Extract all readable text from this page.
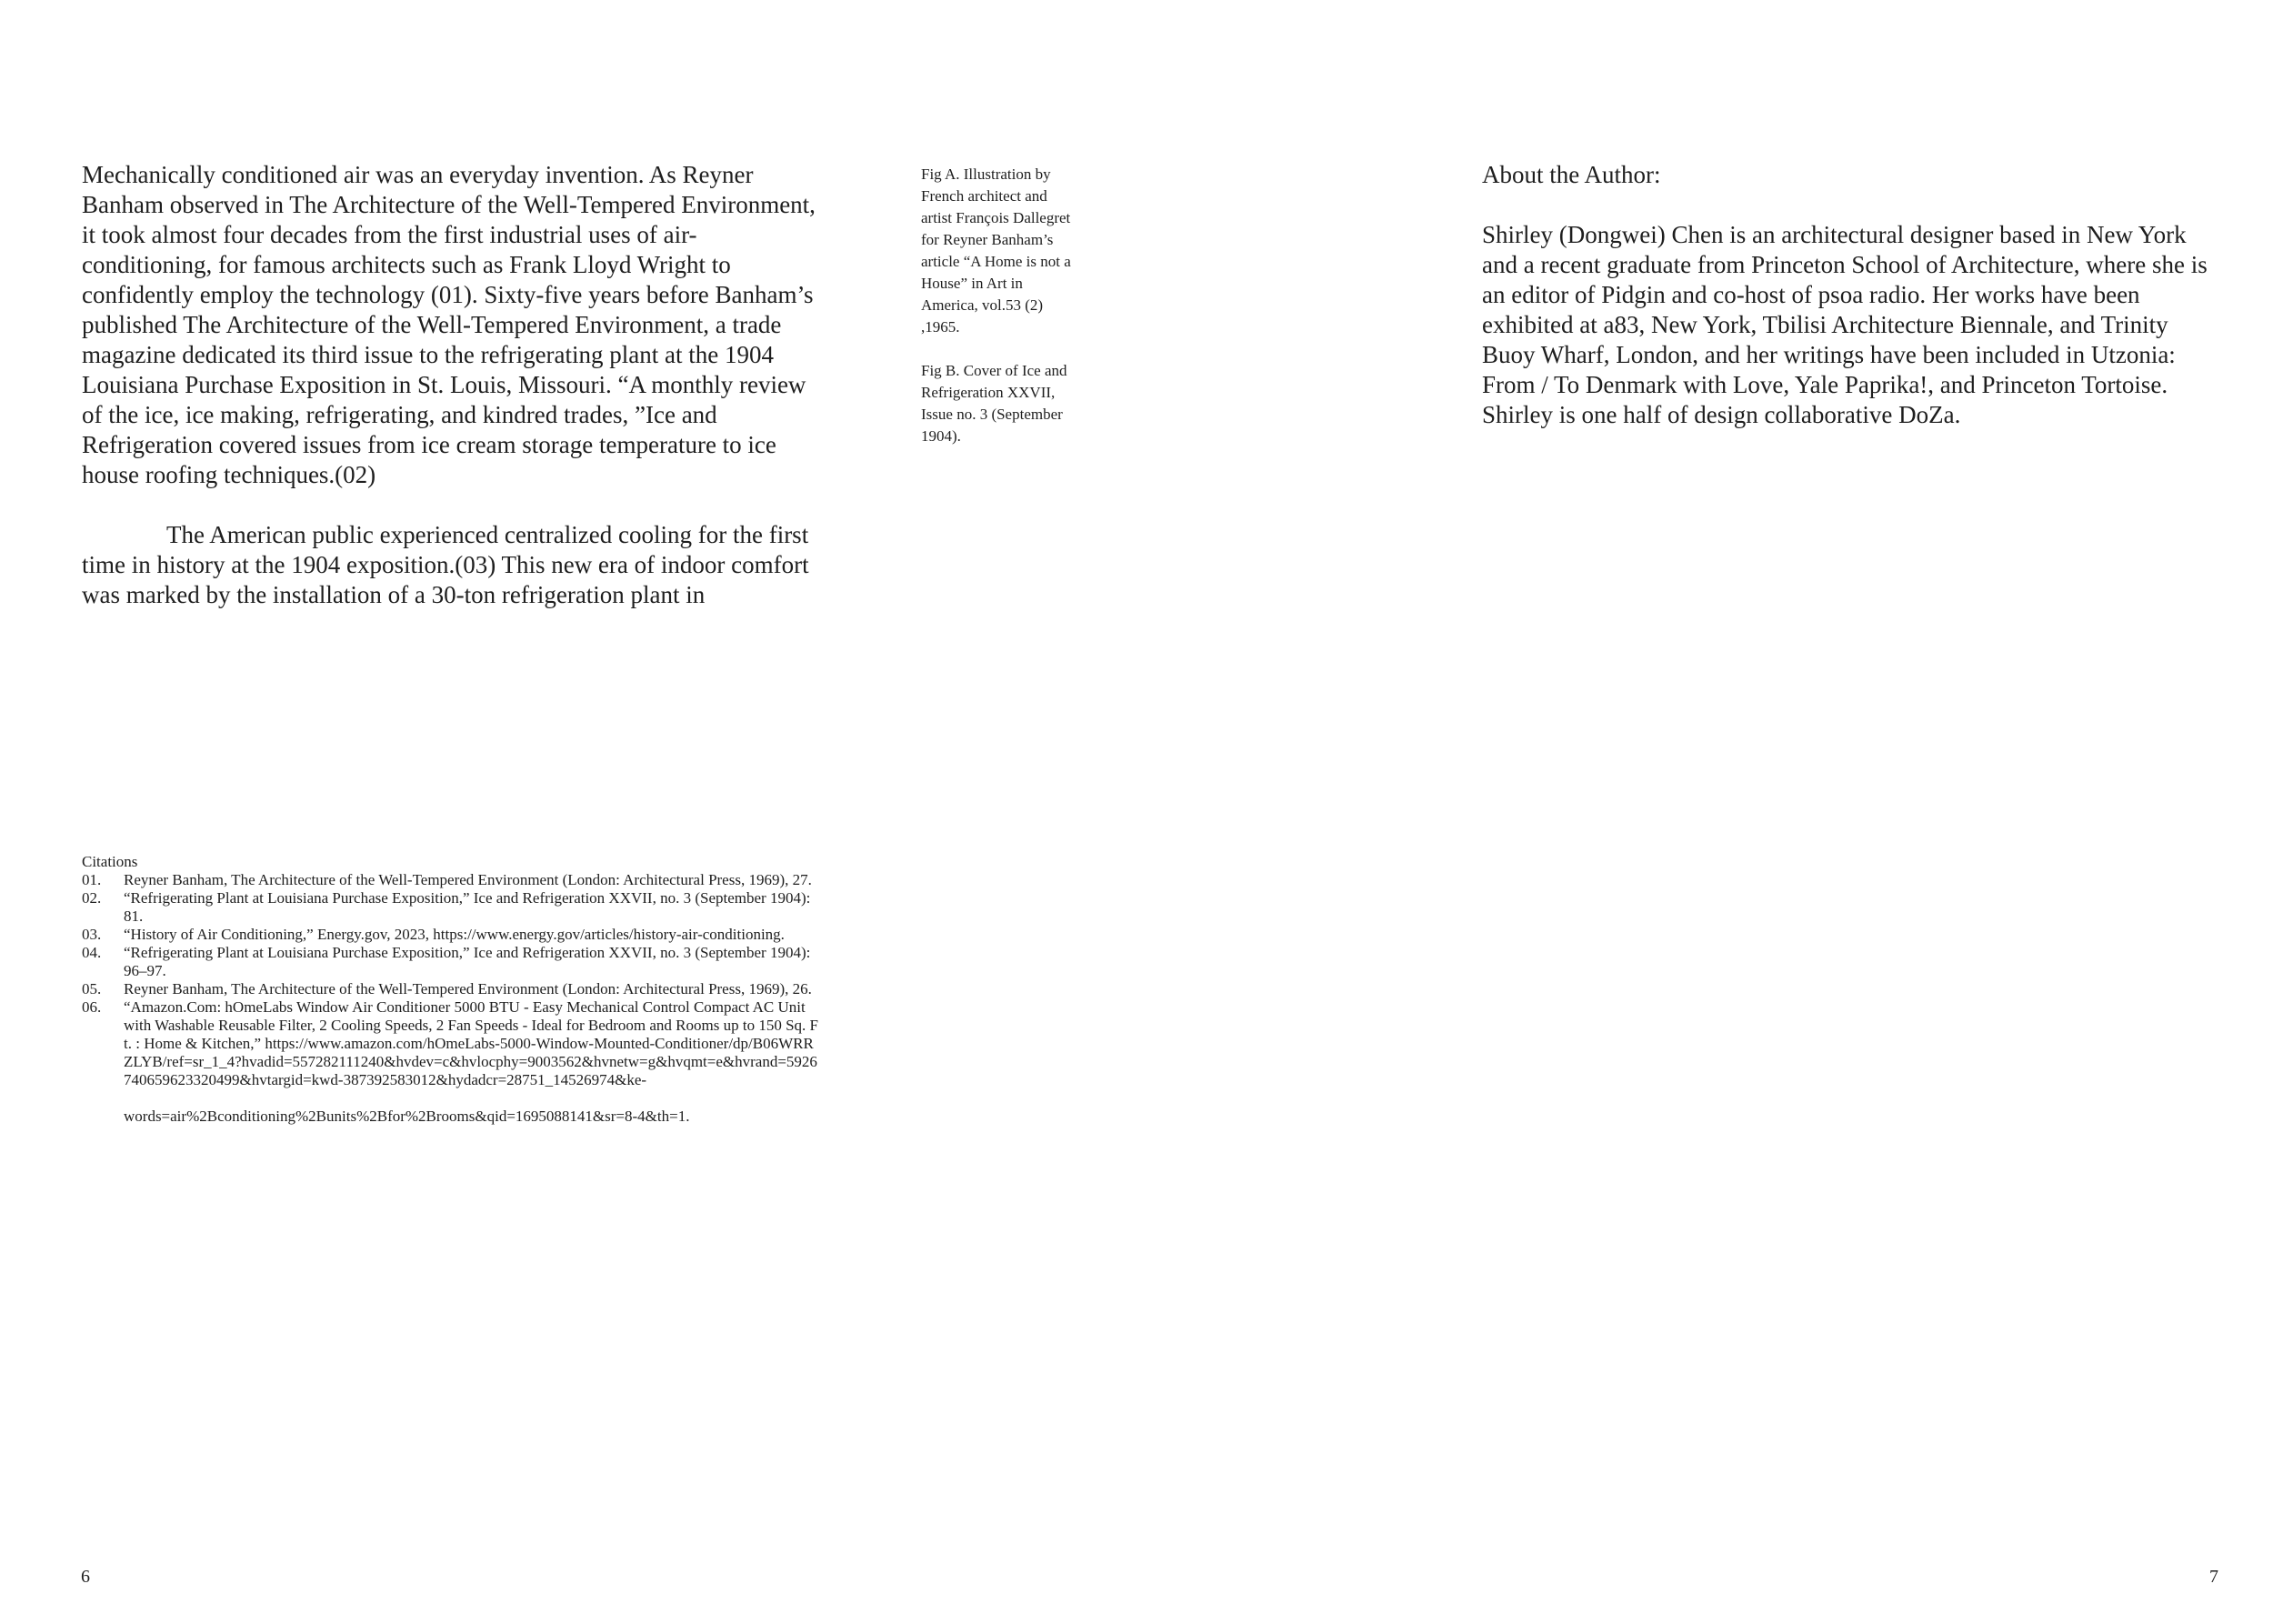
Mechanically conditioned air was an everyday invention. As Reyner Banham observed in The Architecture of the Well-Tempered Environment, it took almost four decades from the first industrial uses of air-conditioning, for famous architects such as Frank Lloyd Wright to confidently employ the technology (01). Sixty-five years before Banham’s published The Architecture of the Well-Tempered Environment, a trade magazine dedicated its third issue to the refrigerating plant at the 1904 Louisiana Purchase Exposition in St. Louis, Missouri. “A monthly review of the ice, ice making, refrigerating, and kindred trades, ”Ice and Refrigeration covered issues from ice cream storage temperature to ice house roofing techniques.(02)

The American public experienced centralized cooling for the first time in history at the 1904 exposition.(03) This new era of indoor comfort was marked by the installation of a 30-ton refrigeration plant in

Fig A. Illustration by French architect and artist François Dallegret for Reyner Banham’s article “A Home is not a House” in Art in America, vol.53 (2) ,1965.

Fig B. Cover of Ice and Refrigeration XXVII, Issue no. 3 (September 1904).

Citations

01.	Reyner Banham, The Architecture of the Well-Tempered Environment (London: Architectural Press, 1969), 27.
02.	“Refrigerating Plant at Louisiana Purchase Exposition,” Ice and Refrigeration XXVII, no. 3 (September 1904): 81.
03.	“History of Air Conditioning,” Energy.gov, 2023, https://www.energy.gov/articles/history-air-conditioning.
04.	“Refrigerating Plant at Louisiana Purchase Exposition,” Ice and Refrigeration XXVII, no. 3 (September 1904): 96–97.
05.	Reyner Banham, The Architecture of the Well-Tempered Environment (London: Architectural Press, 1969), 26.
06.	“Amazon.Com: hOmeLabs Window Air Conditioner 5000 BTU - Easy Mechanical Control Compact AC Unit with Washable Reusable Filter, 2 Cooling Speeds, 2 Fan Speeds - Ideal for Bedroom and Rooms up to 150 Sq. Ft. : Home & Kitchen,” https://www.amazon.com/hOmeLabs-5000-Window-Mounted-Conditioner/dp/B06WRRZLYB/ref=sr_1_4?hvadid=557282111240&hvdev=c&hvlocphy=9003562&hvnetw=g&hvqmt=e&hvrand=5926740659623320499&hvtargid=kwd-387392583012&hydadcr=28751_14526974&ke-
words=air%2Bconditioning%2Bunits%2Bfor%2Brooms&qid=1695088141&sr=8-4&th=1.

About the Author:

Shirley (Dongwei) Chen is an architectural designer based in New York and a recent graduate from Princeton School of Architecture, where she is an editor of Pidgin and co-host of psoa radio. Her works have been exhibited at a83, New York, Tbilisi Architecture Biennale, and Trinity Buoy Wharf, London, and her writings have been included in Utzonia: From / To Denmark with Love, Yale Paprika!, and Princeton Tortoise. Shirley is one half of design collaborative DoZa.

6	7
